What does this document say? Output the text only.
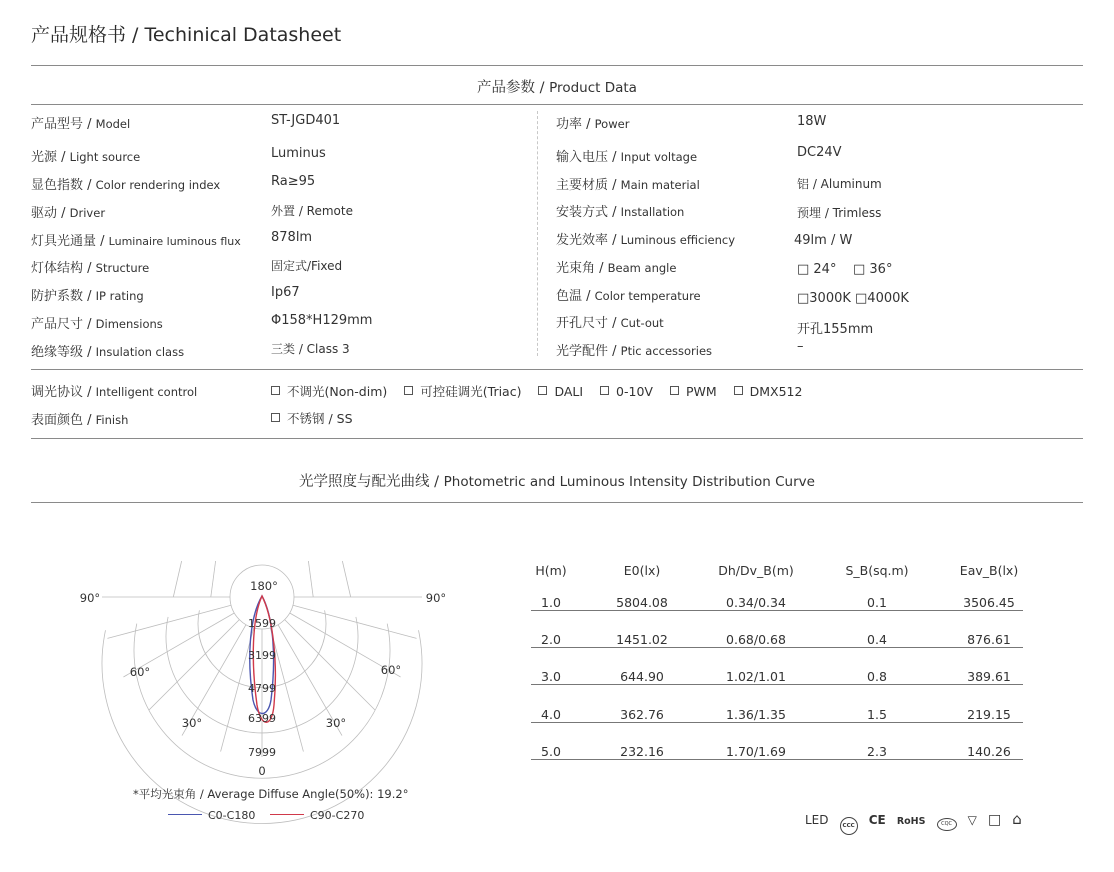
产品规格书 / Techinical Datasheet
产品参数 / Product Data
产品型号 / Model	ST-JGD401
光源 / Light source	Luminus
显色指数 / Color rendering index	Ra≥95
驱动 / Driver	外置 / Remote
灯具光通量 / Luminaire luminous flux 878lm
灯体结构 / Structure	固定式/Fixed
防护系数 / IP rating	Ip67
产品尺寸 / Dimensions	Φ158*H129mm
绝缘等级 / Insulation class	三类 / Class 3
功率 / Power	18W
输入电压 / Input voltage	DC24V
主要材质 / Main material	铝 / Aluminum
安装方式 / Installation	预埋 / Trimless
发光效率 / Luminous efficiency	49lm / W
光束角 / Beam angle	□ 24°    □ 36°
色温 / Color temperature	□3000K □4000K
开孔尺寸 / Cut-out	开孔155mm
光学配件 / Ptic accessories	–
调光协议 / Intelligent control	不调光(Non-dim)	可控硅调光(Triac)	DALI	0-10V	PWM	DMX512
表面颜色 / Finish	不锈钢 / SS
光学照度与配光曲线 / Photometric and Luminous Intensity Distribution Curve
180°
90°	90°
60°	60°
30°	30°
0
1599
3199
4799
6399
7999
*平均光束角 / Average Diffuse Angle(50%): 19.2°
C0-C180	C90-C270
H(m)	E0(lx)	Dh/Dv_B(m)	S_B(sq.m)	Eav_B(lx)
1.0	5804.08	0.34/0.34	0.1	3506.45
2.0	1451.02	0.68/0.68	0.4	876.61
3.0	644.90	1.02/1.01	0.8	389.61
4.0	362.76	1.36/1.35	1.5	219.15
5.0	232.16	1.70/1.69	2.3	140.26
LED	CCC CE RoHS	CQC ▽ □ ⌂
